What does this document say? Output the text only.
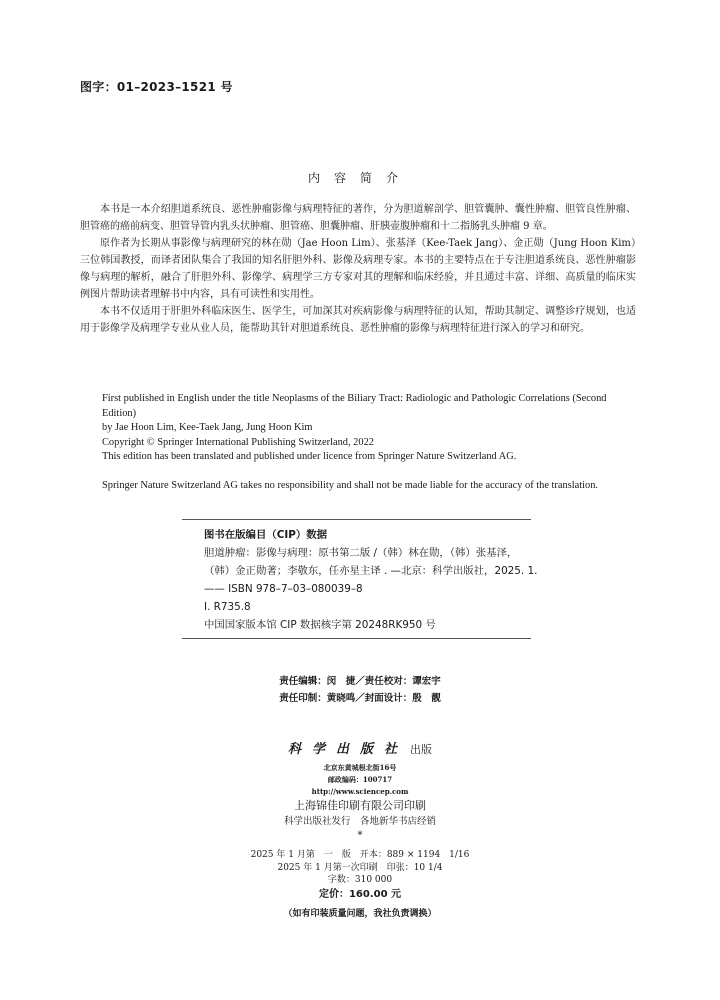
图字：01–2023–1521 号
内容简介

本书是一本介绍胆道系统良、恶性肿瘤影像与病理特征的著作，分为胆道解剖学、胆管囊肿、囊性肿瘤、胆管良性肿瘤、胆管癌的癌前病变、胆管导管内乳头状肿瘤、胆管癌、胆囊肿瘤、肝胰壶腹肿瘤和十二指肠乳头肿瘤 9 章。

原作者为长期从事影像与病理研究的林在勋（Jae Hoon Lim）、张基泽（Kee-Taek Jang）、金正勋（Jung Hoon Kim）三位韩国教授，而译者团队集合了我国的知名肝胆外科、影像及病理专家。本书的主要特点在于专注胆道系统良、恶性肿瘤影像与病理的解析，融合了肝胆外科、影像学、病理学三方专家对其的理解和临床经验，并且通过丰富、详细、高质量的临床实例图片帮助读者理解书中内容，具有可读性和实用性。

本书不仅适用于肝胆外科临床医生、医学生，可加深其对疾病影像与病理特征的认知，帮助其制定、调整诊疗规划，也适用于影像学及病理学专业从业人员，能帮助其针对胆道系统良、恶性肿瘤的影像与病理特征进行深入的学习和研究。

First published in English under the title Neoplasms of the Biliary Tract: Radiologic and Pathologic Correlations (Second Edition)

by Jae Hoon Lim, Kee-Taek Jang, Jung Hoon Kim

Copyright © Springer International Publishing Switzerland, 2022

This edition has been translated and published under licence from Springer Nature Switzerland AG.

Springer Nature Switzerland AG takes no responsibility and shall not be made liable for the accuracy of the translation.

图书在版编目（CIP）数据

胆道肿瘤：影像与病理：原书第二版 /（韩）林在勋，（韩）张基泽，

（韩）金正勋著；李敬东，任亦星主译 . —北京：科学出版社，2025. 1.

—— ISBN 978–7–03–080039–8

Ⅰ. R735.8

中国国家版本馆 CIP 数据核字第 20248RK950 号

责任编辑：闵　捷／责任校对：谭宏宇

责任印制：黄晓鸣／封面设计：殷　靓

科学出版社 出版

北京东黄城根北街16号

邮政编码：100717

http://www.sciencep.com

上海锦佳印刷有限公司印刷

科学出版社发行　各地新华书店经销

*

2025 年 1 月第　一　版　开本：889 × 1194　1/16

2025 年 1 月第一次印刷　印张：10 1/4

字数：310 000

定价：160.00 元

（如有印装质量问题，我社负责调换）
